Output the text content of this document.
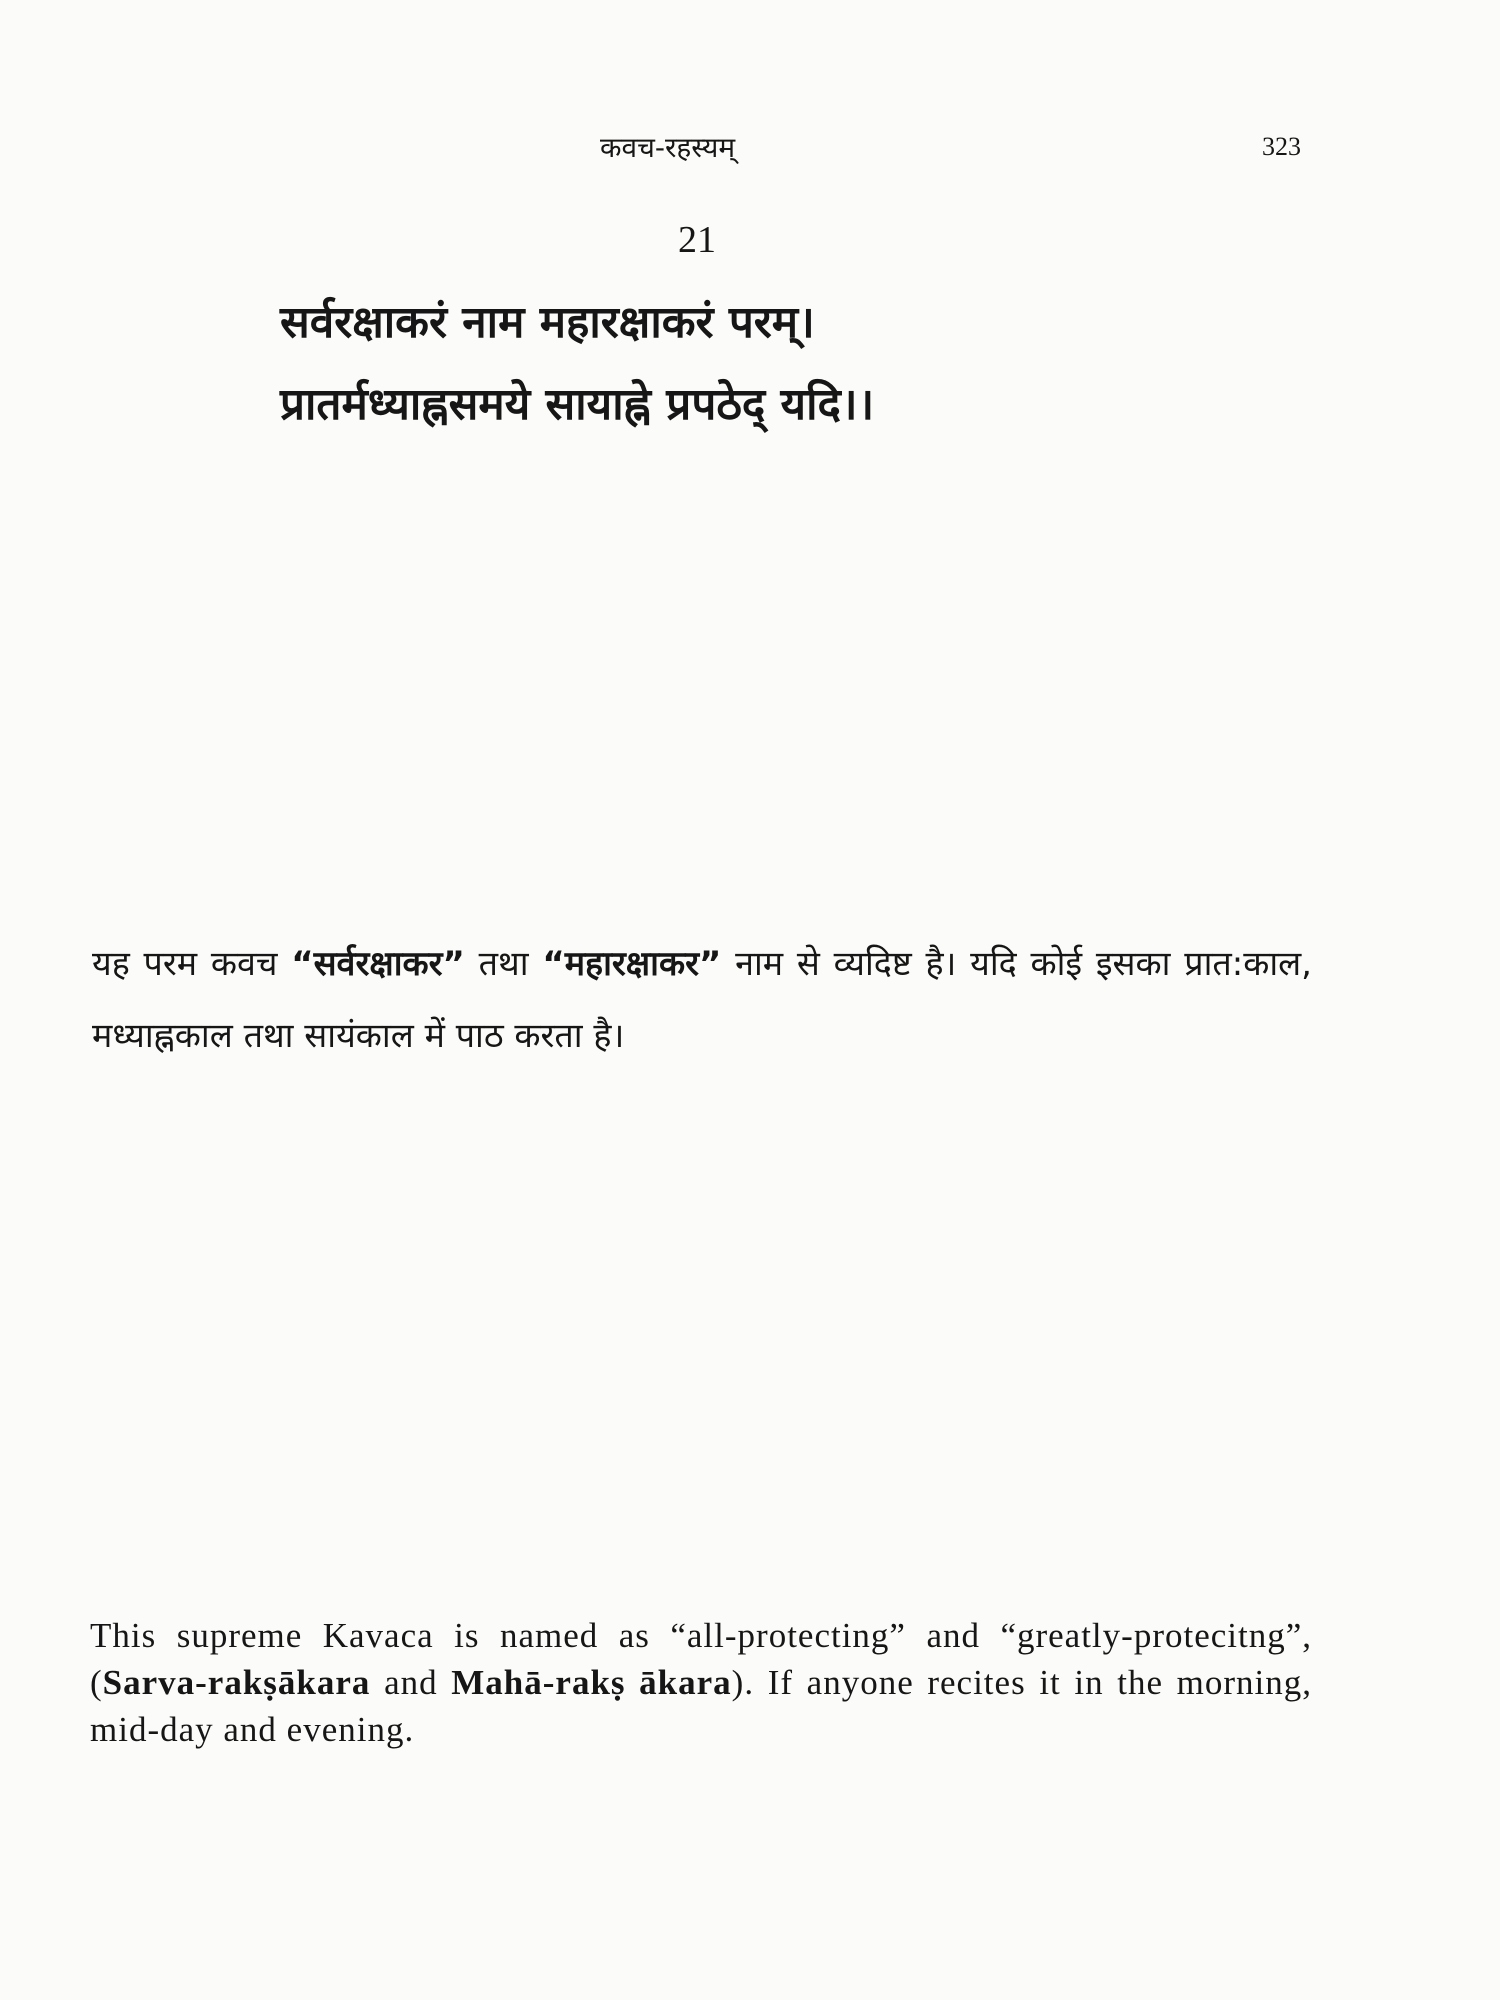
कवच-रहस्यम्	323
21

सर्वरक्षाकरं नाम महारक्षाकरं परम्।
प्रातर्मध्याह्नसमये सायाह्ने प्रपठेद् यदि।।

यह परम कवच “सर्वरक्षाकर” तथा “महारक्षाकर” नाम से व्यदिष्ट है। यदि कोई इसका प्रात:काल, मध्याह्नकाल तथा सायंकाल में पाठ करता है।

This supreme Kavaca is named as “all-protecting” and “greatly-protecitng”, (Sarva-rakṣākara and Mahā-rakṣ ākara). If anyone recites it in the morning, mid-day and evening.
